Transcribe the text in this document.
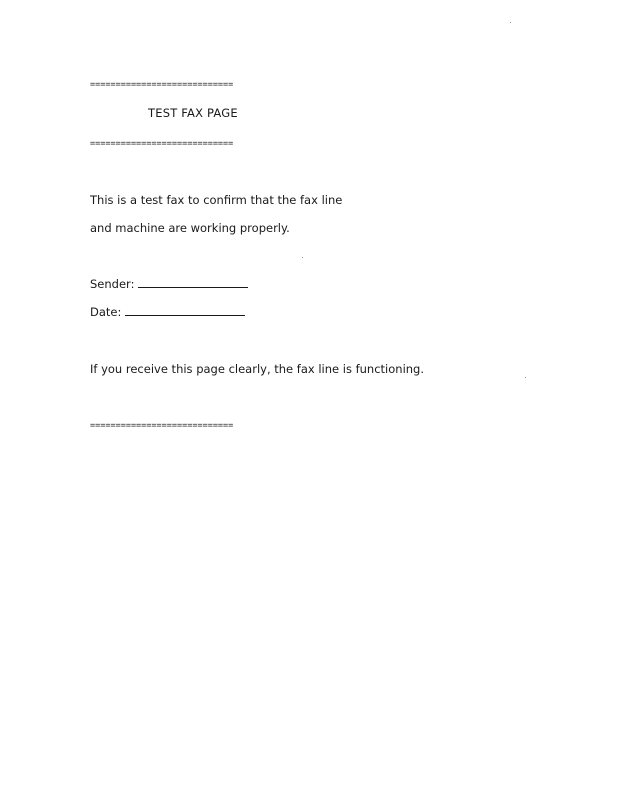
============================
TEST FAX PAGE
============================
This is a test fax to confirm that the fax line
and machine are working properly.
Sender:
Date:
If you receive this page clearly, the fax line is functioning.
============================
